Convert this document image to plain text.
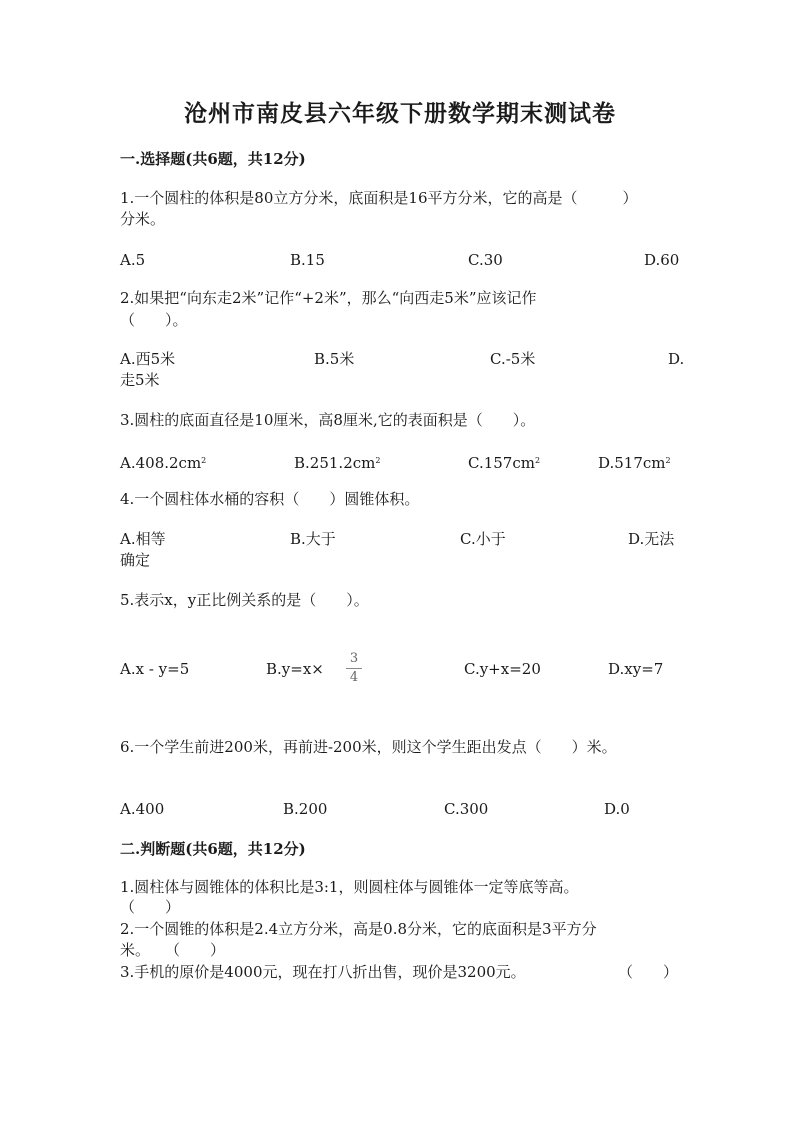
沧州市南皮县六年级下册数学期末测试卷
一.选择题(共6题，共12分)
1.一个圆柱的体积是80立方分米，底面积是16平方分米，它的高是（　　　）
分米。
A.5	B.15	C.30	D.60
2.如果把“向东走2米”记作“+2米”，那么“向西走5米”应该记作
（　　）。
A.西5米	B.5米	C.-5米	D.
走5米
3.圆柱的底面直径是10厘米，高8厘米,它的表面积是（　　）。
$A.408.2cm^2$	$B.251.2cm^2$	$C.157cm^2$	$D.517cm^2$
4.一个圆柱体水桶的容积（　　）圆锥体积。
A.相等	B.大于	C.小于	D.无法
确定
5.表示x，y正比例关系的是（　　）。
A.x - y=5	B.y=x×
3
4	C.y+x=20	D.xy=7
6.一个学生前进200米，再前进-200米，则这个学生距出发点（　　）米。
A.400	B.200	C.300	D.0
二.判断题(共6题，共12分)
1.圆柱体与圆锥体的体积比是3:1，则圆柱体与圆锥体一定等底等高。
（　　）
2.一个圆锥的体积是2.4立方分米，高是0.8分米，它的底面积是3平方分
米。　　（　　）
3.手机的原价是4000元，现在打八折出售，现价是3200元。	（　　）
